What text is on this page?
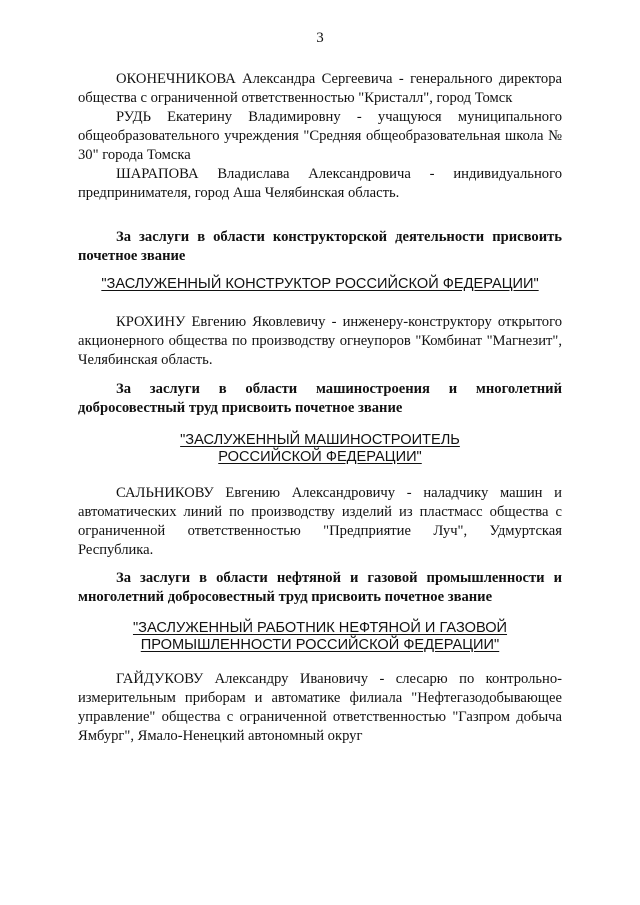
3

ОКОНЕЧНИКОВА Александра Сергеевича - генерального директора общества с ограниченной ответственностью "Кристалл", город Томск

РУДЬ Екатерину Владимировну - учащуюся муниципального общеобразовательного учреждения "Средняя общеобразовательная школа № 30" города Томска

ШАРАПОВА Владислава Александровича - индивидуального предпринимателя, город Аша Челябинская область.

За заслуги в области конструкторской деятельности присвоить почетное звание

"ЗАСЛУЖЕННЫЙ КОНСТРУКТОР РОССИЙСКОЙ ФЕДЕРАЦИИ"

КРОХИНУ Евгению Яковлевичу - инженеру-конструктору открытого акционерного общества по производству огнеупоров "Комбинат "Магнезит", Челябинская область.

За заслуги в области машиностроения и многолетний добросовестный труд присвоить почетное звание

"ЗАСЛУЖЕННЫЙ МАШИНОСТРОИТЕЛЬ
РОССИЙСКОЙ ФЕДЕРАЦИИ"

САЛЬНИКОВУ Евгению Александровичу - наладчику машин и автоматических линий по производству изделий из пластмасс общества с ограниченной ответственностью "Предприятие Луч", Удмуртская Республика.

За заслуги в области нефтяной и газовой промышленности и многолетний добросовестный труд присвоить почетное звание

"ЗАСЛУЖЕННЫЙ РАБОТНИК НЕФТЯНОЙ И ГАЗОВОЙ
ПРОМЫШЛЕННОСТИ РОССИЙСКОЙ ФЕДЕРАЦИИ"

ГАЙДУКОВУ Александру Ивановичу - слесарю по контрольно-измерительным приборам и автоматике филиала "Нефтегазодобывающее управление" общества с ограниченной ответственностью "Газпром добыча Ямбург", Ямало-Ненецкий автономный округ
